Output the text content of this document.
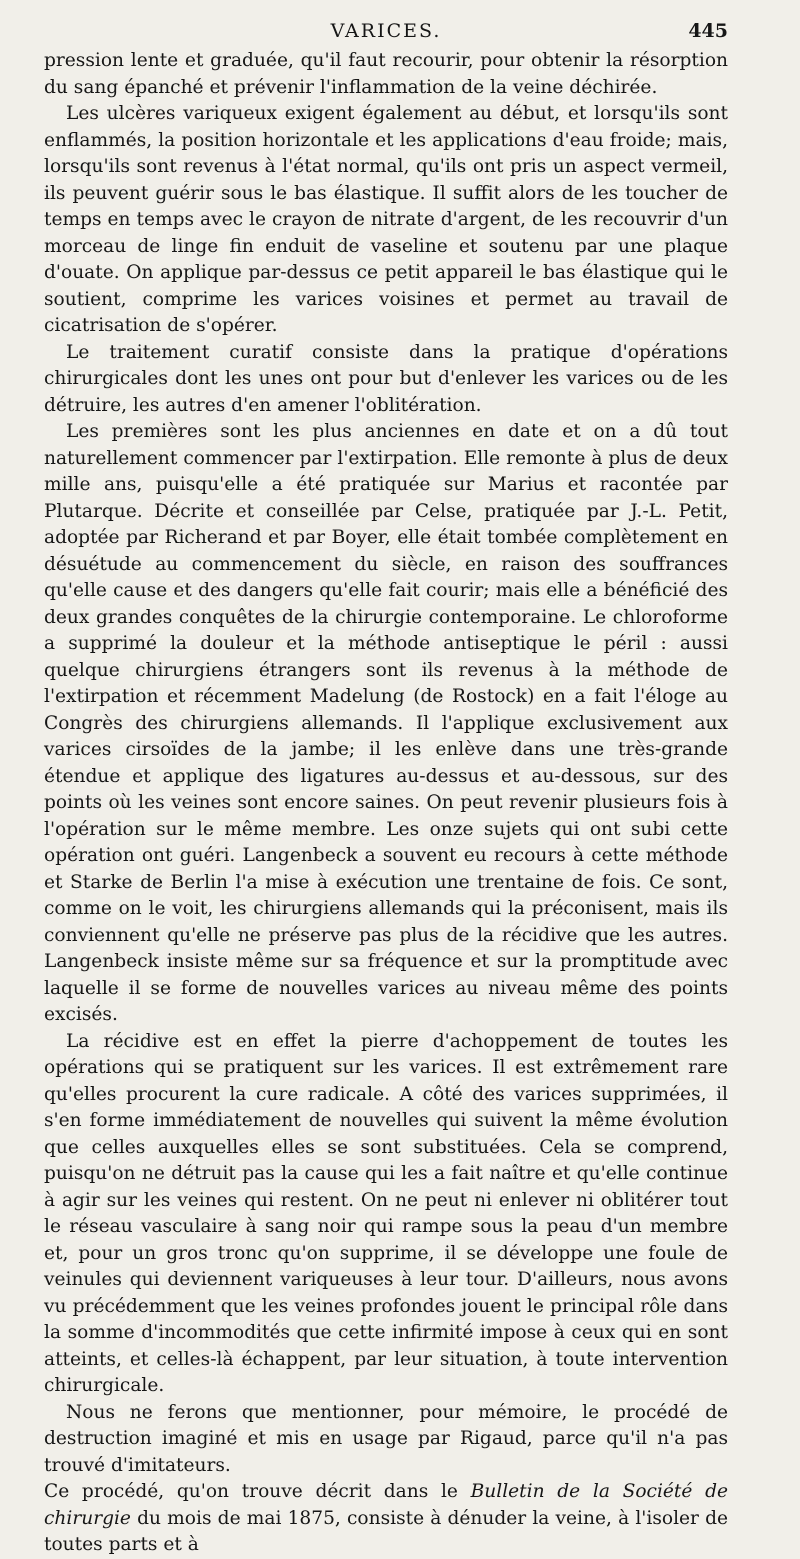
VARICES.	445

pression lente et graduée, qu'il faut recourir, pour obtenir la résorption du sang épanché et prévenir l'inflammation de la veine déchirée.

Les ulcères variqueux exigent également au début, et lorsqu'ils sont enflammés, la position horizontale et les applications d'eau froide; mais, lorsqu'ils sont revenus à l'état normal, qu'ils ont pris un aspect vermeil, ils peuvent guérir sous le bas élastique. Il suffit alors de les toucher de temps en temps avec le crayon de nitrate d'argent, de les recouvrir d'un morceau de linge fin enduit de vaseline et soutenu par une plaque d'ouate. On applique par-dessus ce petit appareil le bas élastique qui le soutient, comprime les varices voisines et permet au travail de cicatrisation de s'opérer.

Le traitement curatif consiste dans la pratique d'opérations chirurgicales dont les unes ont pour but d'enlever les varices ou de les détruire, les autres d'en amener l'oblitération.

Les premières sont les plus anciennes en date et on a dû tout naturellement commencer par l'extirpation. Elle remonte à plus de deux mille ans, puisqu'elle a été pratiquée sur Marius et racontée par Plutarque. Décrite et conseillée par Celse, pratiquée par J.-L. Petit, adoptée par Richerand et par Boyer, elle était tombée complètement en désuétude au commencement du siècle, en raison des souffrances qu'elle cause et des dangers qu'elle fait courir; mais elle a bénéficié des deux grandes conquêtes de la chirurgie contemporaine. Le chloroforme a supprimé la douleur et la méthode antiseptique le péril : aussi quelque chirurgiens étrangers sont ils revenus à la méthode de l'extirpation et récemment Madelung (de Rostock) en a fait l'éloge au Congrès des chirurgiens allemands. Il l'applique exclusivement aux varices cirsoïdes de la jambe; il les enlève dans une très-grande étendue et applique des ligatures au-dessus et au-dessous, sur des points où les veines sont encore saines. On peut revenir plusieurs fois à l'opération sur le même membre. Les onze sujets qui ont subi cette opération ont guéri. Langenbeck a souvent eu recours à cette méthode et Starke de Berlin l'a mise à exécution une trentaine de fois. Ce sont, comme on le voit, les chirurgiens allemands qui la préconisent, mais ils conviennent qu'elle ne préserve pas plus de la récidive que les autres. Langenbeck insiste même sur sa fréquence et sur la promptitude avec laquelle il se forme de nouvelles varices au niveau même des points excisés.

La récidive est en effet la pierre d'achoppement de toutes les opérations qui se pratiquent sur les varices. Il est extrêmement rare qu'elles procurent la cure radicale. A côté des varices supprimées, il s'en forme immédiatement de nouvelles qui suivent la même évolution que celles auxquelles elles se sont substituées. Cela se comprend, puisqu'on ne détruit pas la cause qui les a fait naître et qu'elle continue à agir sur les veines qui restent. On ne peut ni enlever ni oblitérer tout le réseau vasculaire à sang noir qui rampe sous la peau d'un membre et, pour un gros tronc qu'on supprime, il se développe une foule de veinules qui deviennent variqueuses à leur tour. D'ailleurs, nous avons vu précédemment que les veines profondes jouent le principal rôle dans la somme d'incommodités que cette infirmité impose à ceux qui en sont atteints, et celles-là échappent, par leur situation, à toute intervention chirurgicale.

Nous ne ferons que mentionner, pour mémoire, le procédé de destruction imaginé et mis en usage par Rigaud, parce qu'il n'a pas trouvé d'imitateurs.

Ce procédé, qu'on trouve décrit dans le Bulletin de la Société de chirurgie du mois de mai 1875, consiste à dénuder la veine, à l'isoler de toutes parts et à
